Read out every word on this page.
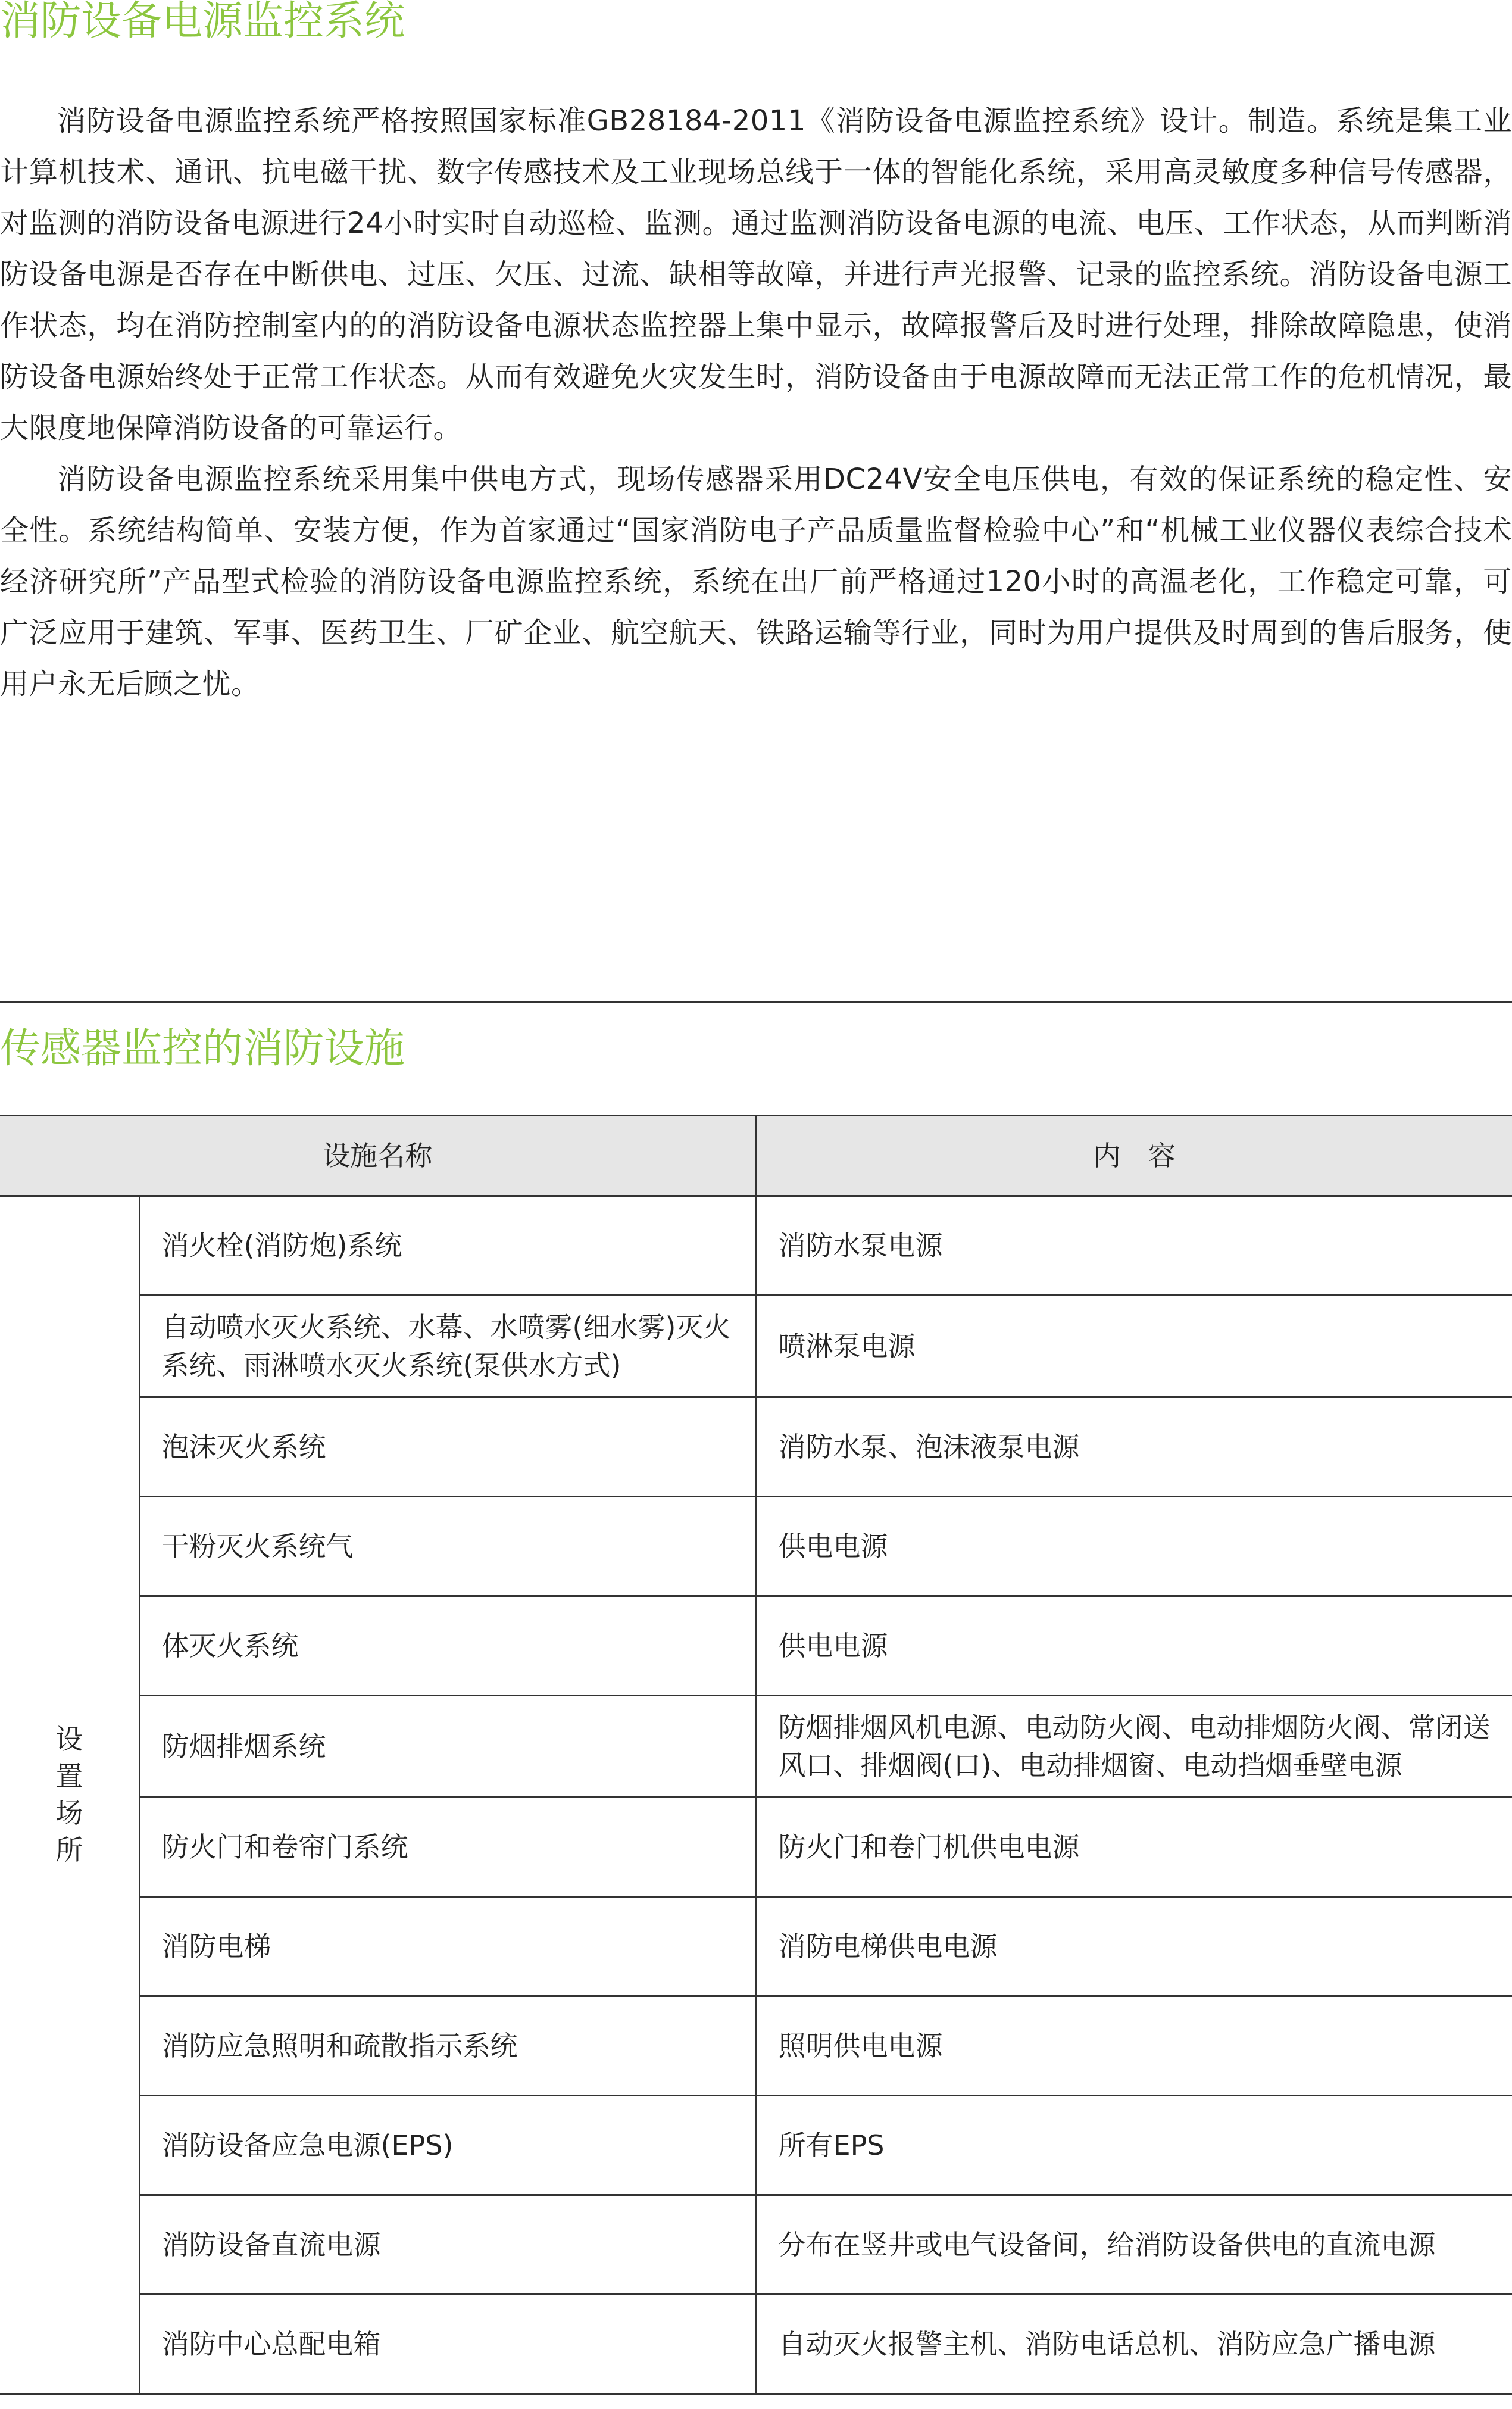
消防设备电源监控系统

消防设备电源监控系统严格按照国家标准GB28184-2011《消防设备电源监控系统》设计。制造。系统是集工业计算机技术、通讯、抗电磁干扰、数字传感技术及工业现场总线于一体的智能化系统，采用高灵敏度多种信号传感器，对监测的消防设备电源进行24小时实时自动巡检、监测。通过监测消防设备电源的电流、电压、工作状态，从而判断消防设备电源是否存在中断供电、过压、欠压、过流、缺相等故障，并进行声光报警、记录的监控系统。消防设备电源工作状态，均在消防控制室内的的消防设备电源状态监控器上集中显示，故障报警后及时进行处理，排除故障隐患，使消防设备电源始终处于正常工作状态。从而有效避免火灾发生时，消防设备由于电源故障而无法正常工作的危机情况，最大限度地保障消防设备的可靠运行。

消防设备电源监控系统采用集中供电方式，现场传感器采用DC24V安全电压供电，有效的保证系统的稳定性、安全性。系统结构简单、安装方便，作为首家通过“国家消防电子产品质量监督检验中心”和“机械工业仪器仪表综合技术经济研究所”产品型式检验的消防设备电源监控系统，系统在出厂前严格通过120小时的高温老化，工作稳定可靠，可广泛应用于建筑、军事、医药卫生、厂矿企业、航空航天、铁路运输等行业，同时为用户提供及时周到的售后服务，使用户永无后顾之忧。

传感器监控的消防设施
设施名称		内　容
设置场所	消火栓(消防炮)系统	消防水泵电源
	自动喷水灭火系统、水幕、水喷雾(细水雾)灭火系统、雨淋喷水灭火系统(泵供水方式)	喷淋泵电源
	泡沫灭火系统	消防水泵、泡沫液泵电源
	干粉灭火系统气	供电电源
	体灭火系统	供电电源
	防烟排烟系统	防烟排烟风机电源、电动防火阀、电动排烟防火阀、常闭送风口、排烟阀(口)、电动排烟窗、电动挡烟垂壁电源
	防火门和卷帘门系统	防火门和卷门机供电电源
	消防电梯	消防电梯供电电源
	消防应急照明和疏散指示系统	照明供电电源
	消防设备应急电源(EPS)	所有EPS
	消防设备直流电源	分布在竖井或电气设备间，给消防设备供电的直流电源
	消防中心总配电箱	自动灭火报警主机、消防电话总机、消防应急广播电源
